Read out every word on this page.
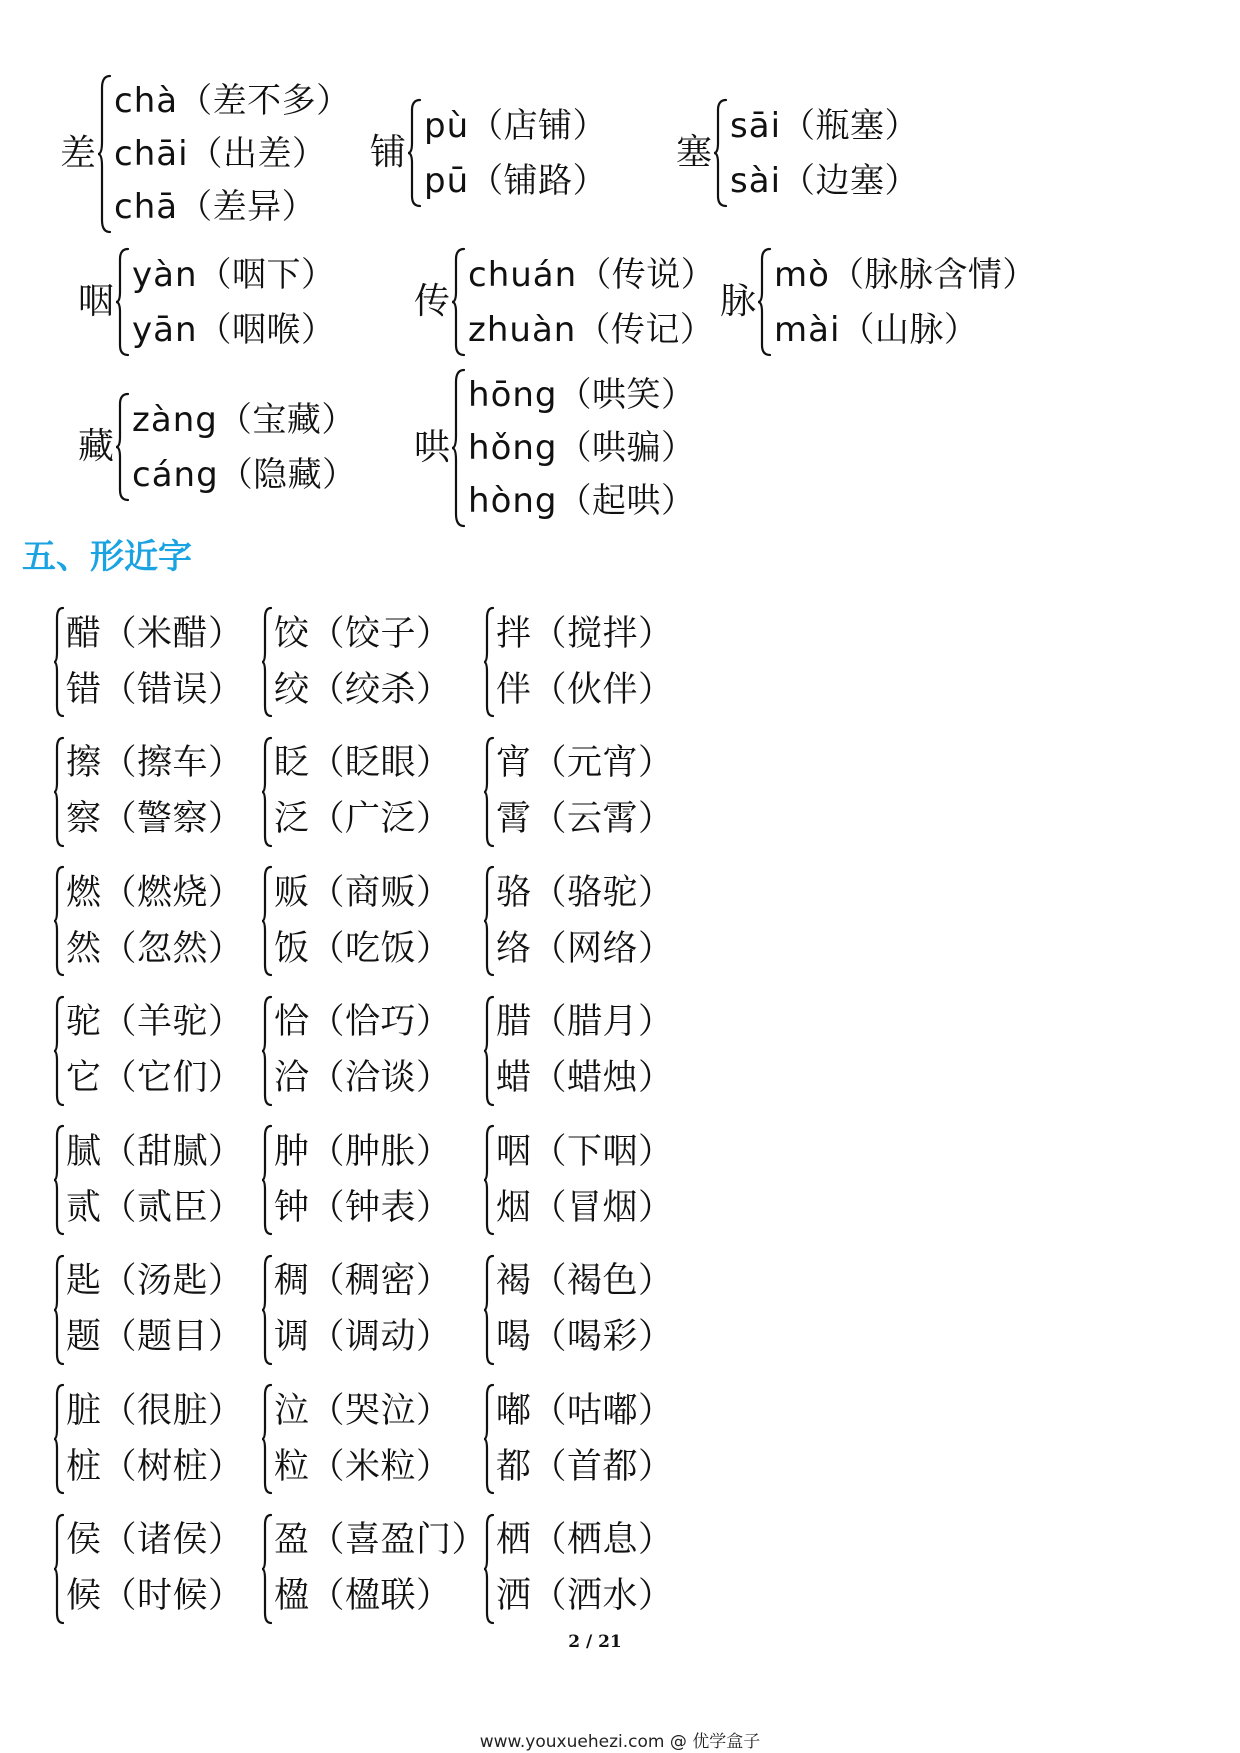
差
chà（差不多）
chāi（出差）
chā（差异）
铺
pù（店铺）
pū（铺路）
塞
sāi（瓶塞）
sài（边塞）
咽
yàn（咽下）
yān（咽喉）
传
chuán（传说）
zhuàn（传记）
脉
mò（脉脉含情）
mài（山脉）
藏
zàng（宝藏）
cáng（隐藏）
哄
hōng（哄笑）
hǒng（哄骗）
hòng（起哄）
五、形近字
醋（米醋）
错（错误）
饺（饺子）
绞（绞杀）
拌（搅拌）
伴（伙伴）
擦（擦车）
察（警察）
眨（眨眼）
泛（广泛）
宵（元宵）
霄（云霄）
燃（燃烧）
然（忽然）
贩（商贩）
饭（吃饭）
骆（骆驼）
络（网络）
驼（羊驼）
它（它们）
恰（恰巧）
洽（洽谈）
腊（腊月）
蜡（蜡烛）
腻（甜腻）
贰（贰臣）
肿（肿胀）
钟（钟表）
咽（下咽）
烟（冒烟）
匙（汤匙）
题（题目）
稠（稠密）
调（调动）
褐（褐色）
喝（喝彩）
脏（很脏）
桩（树桩）
泣（哭泣）
粒（米粒）
嘟（咕嘟）
都（首都）
侯（诸侯）
候（时候）
盈（喜盈门）
楹（楹联）
栖（栖息）
洒（洒水）
2 / 21
www.youxuehezi.com @ 优学盒子
